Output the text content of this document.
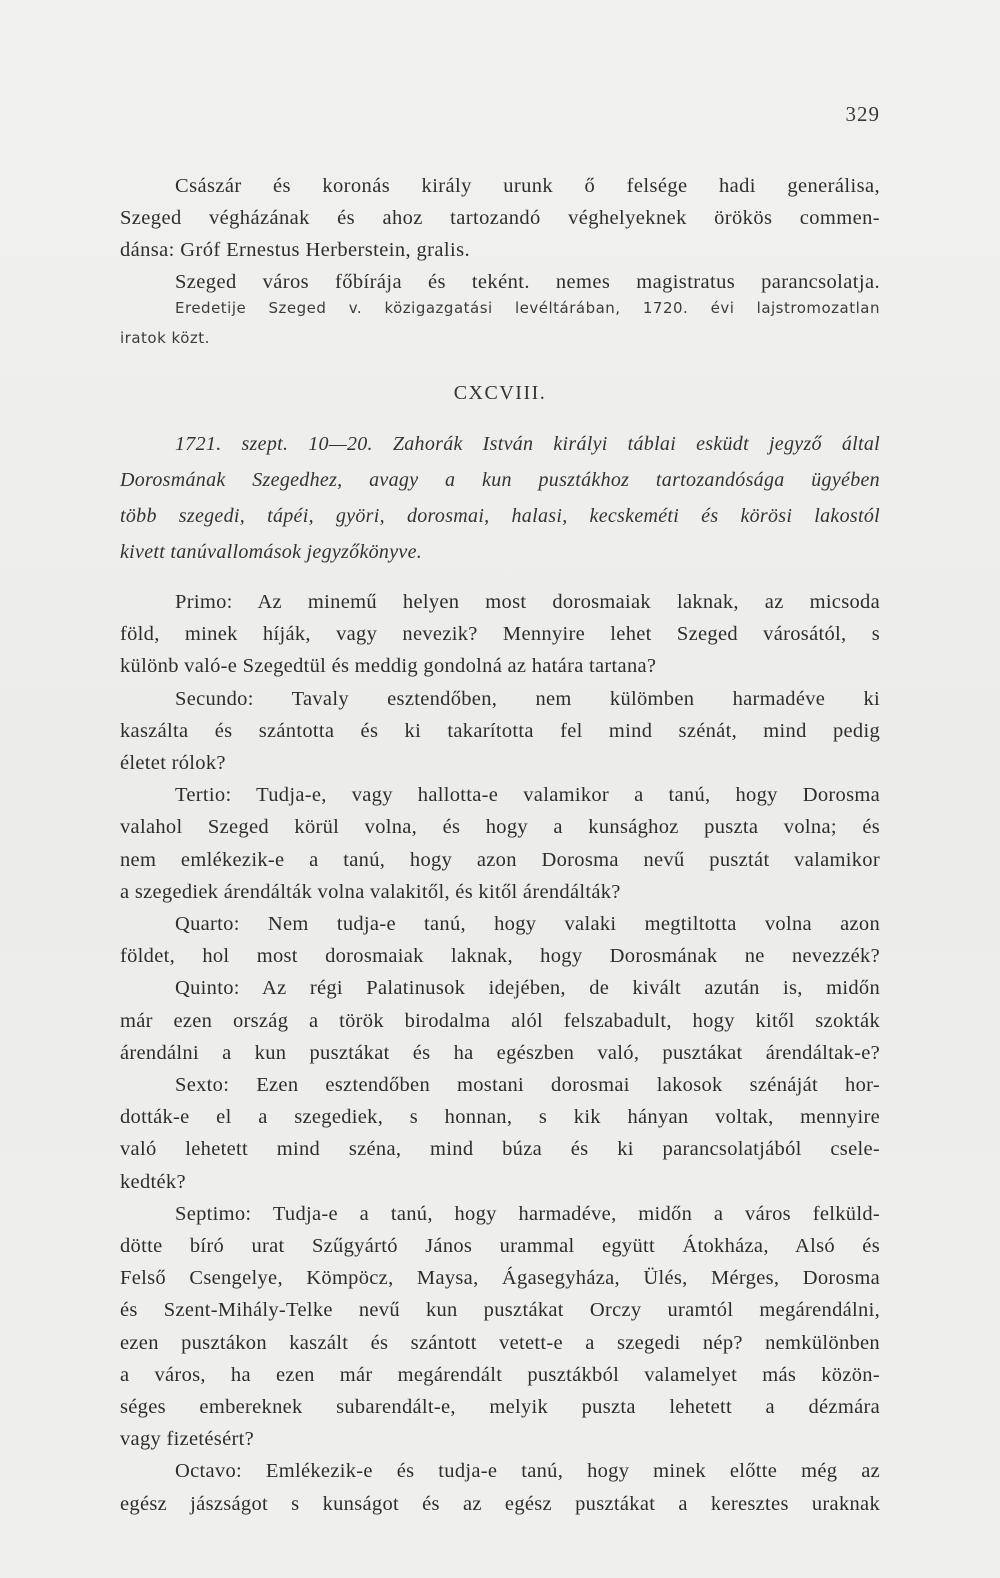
329
Császár és koronás király urunk ő felsége hadi generálisa,
Szeged végházának és ahoz tartozandó véghelyeknek örökös commen-
dánsa: Gróf Ernestus Herberstein, gralis.
Szeged város főbírája és teként. nemes magistratus parancsolatja.
Eredetije Szeged v. közigazgatási levéltárában, 1720. évi lajstromozatlan
iratok közt.
CXCVIII.
1721. szept. 10—20. Zahorák István királyi táblai esküdt jegyző által
Dorosmának Szegedhez, avagy a kun pusztákhoz tartozandósága ügyében
több szegedi, tápéi, györi, dorosmai, halasi, kecskeméti és körösi lakostól
kivett tanúvallomások jegyzőkönyve.
Primo: Az minemű helyen most dorosmaiak laknak, az micsoda
föld, minek híják, vagy nevezik? Mennyire lehet Szeged városától, s
különb való-e Szegedtül és meddig gondolná az határa tartana?
Secundo: Tavaly esztendőben, nem külömben harmadéve ki
kaszálta és szántotta és ki takarította fel mind szénát, mind pedig
életet rólok?
Tertio: Tudja-e, vagy hallotta-e valamikor a tanú, hogy Dorosma
valahol Szeged körül volna, és hogy a kunsághoz puszta volna; és
nem emlékezik-e a tanú, hogy azon Dorosma nevű pusztát valamikor
a szegediek árendálták volna valakitől, és kitől árendálták?
Quarto: Nem tudja-e tanú, hogy valaki megtiltotta volna azon
földet, hol most dorosmaiak laknak, hogy Dorosmának ne nevezzék?
Quinto: Az régi Palatinusok idejében, de kivált azután is, midőn
már ezen ország a török birodalma alól felszabadult, hogy kitől szokták
árendálni a kun pusztákat és ha egészben való, pusztákat árendáltak-e?
Sexto: Ezen esztendőben mostani dorosmai lakosok szénáját hor-
dották-e el a szegediek, s honnan, s kik hányan voltak, mennyire
való lehetett mind széna, mind búza és ki parancsolatjából csele-
kedték?
Septimo: Tudja-e a tanú, hogy harmadéve, midőn a város felküld-
dötte bíró urat Szűgyártó János urammal együtt Átokháza, Alsó és
Felső Csengelye, Kömpöcz, Maysa, Ágasegyháza, Ülés, Mérges, Dorosma
és Szent-Mihály-Telke nevű kun pusztákat Orczy uramtól megárendálni,
ezen pusztákon kaszált és szántott vetett-e a szegedi nép? nemkülönben
a város, ha ezen már megárendált pusztákból valamelyet más közön-
séges embereknek subarendált-e, melyik puszta lehetett a dézmára
vagy fizetésért?
Octavo: Emlékezik-e és tudja-e tanú, hogy minek előtte még az
egész jászságot s kunságot és az egész pusztákat a keresztes uraknak
